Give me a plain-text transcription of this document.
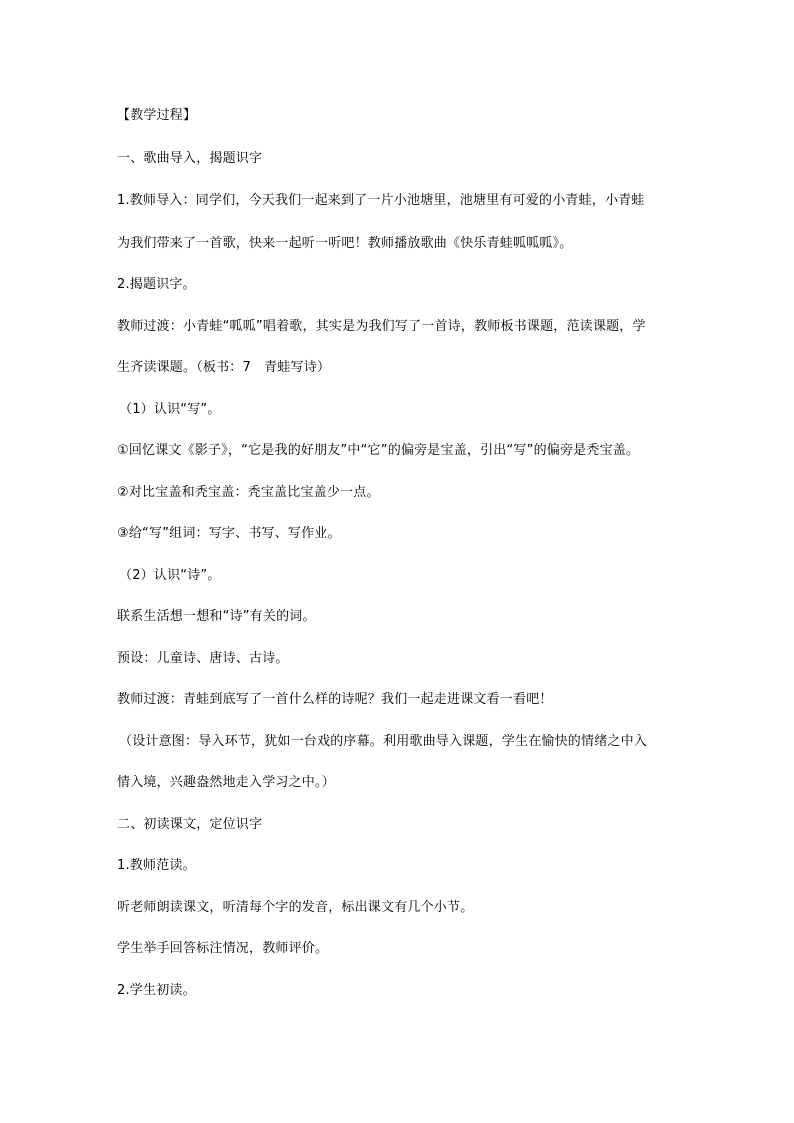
【教学过程】
一、歌曲导入，揭题识字
1.教师导入：同学们，今天我们一起来到了一片小池塘里，池塘里有可爱的小青蛙，小青蛙
为我们带来了一首歌，快来一起听一听吧！教师播放歌曲《快乐青蛙呱呱呱》。
2.揭题识字。
教师过渡：小青蛙“呱呱”唱着歌，其实是为我们写了一首诗，教师板书课题，范读课题，学
生齐读课题。（板书：7　青蛙写诗）
（1）认识“写”。
①回忆课文《影子》，“它是我的好朋友”中“它”的偏旁是宝盖，引出“写”的偏旁是秃宝盖。
②对比宝盖和秃宝盖：秃宝盖比宝盖少一点。
③给“写”组词：写字、书写、写作业。
（2）认识“诗”。
联系生活想一想和“诗”有关的词。
预设：儿童诗、唐诗、古诗。
教师过渡：青蛙到底写了一首什么样的诗呢？我们一起走进课文看一看吧！
（设计意图：导入环节，犹如一台戏的序幕。利用歌曲导入课题，学生在愉快的情绪之中入
情入境，兴趣盎然地走入学习之中。）
二、初读课文，定位识字
1.教师范读。
听老师朗读课文，听清每个字的发音，标出课文有几个小节。
学生举手回答标注情况，教师评价。
2.学生初读。
